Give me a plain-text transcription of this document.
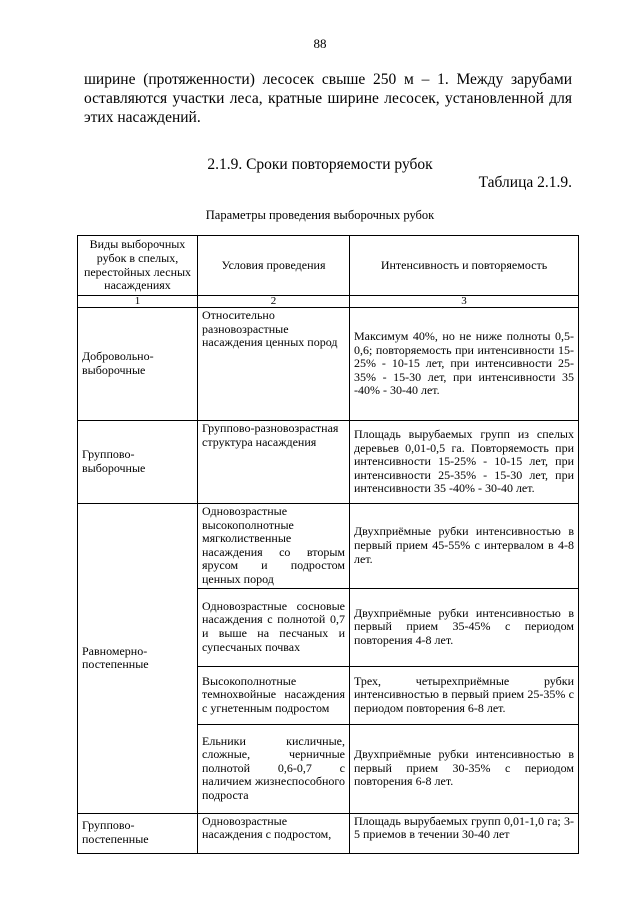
88

ширине (протяженности) лесосек свыше 250 м – 1. Между зарубами оставляются участки леса, кратные ширине лесосек, установленной для этих насаждений.

2.1.9. Сроки повторяемости рубок
Таблица 2.1.9.
Параметры проведения выборочных рубок
Виды выборочных рубок в спелых, перестойных лесных насаждениях	Условия проведения	Интенсивность и повторяемость
1	2	3
Добровольно-выборочные	Относительно разновозрастные насаждения ценных пород	Максимум 40%, но не ниже полноты 0,5-0,6; повторяемость при интенсивности 15-25% - 10-15 лет, при интенсивности 25-35% - 15-30 лет, при интенсивности 35 -40% - 30-40 лет.
Группово-выборочные	Группово-разновозрастная структура насаждения	Площадь вырубаемых групп из спелых деревьев 0,01-0,5 га. Повторяемость при интенсивности 15-25% - 10-15 лет, при интенсивности 25-35% - 15-30 лет, при интенсивности 35 -40% - 30-40 лет.
Равномерно-постепенные	Одновозрастные высокополнотные мягколиственные насаждения со вторым ярусом и подростом ценных пород	Двухприёмные рубки интенсивностью в первый прием 45-55% с интервалом в 4-8 лет.
	Одновозрастные сосновые насаждения с полнотой 0,7 и выше на песчаных и супесчаных почвах	Двухприёмные рубки интенсивностью в первый прием 35-45% с периодом повторения 4-8 лет.
	Высокополнотные темнохвойные насаждения с угнетенным подростом	Трех, четырехприёмные рубки интенсивностью в первый прием 25-35% с периодом повторения 6-8 лет.
	Ельники кисличные, сложные, черничные полнотой 0,6-0,7 с наличием жизнеспособного подроста	Двухприёмные рубки интенсивностью в первый прием 30-35% с периодом повторения 6-8 лет.
Группово-постепенные	Одновозрастные насаждения с подростом,	Площадь вырубаемых групп 0,01-1,0 га; 3-5 приемов в течении 30-40 лет
